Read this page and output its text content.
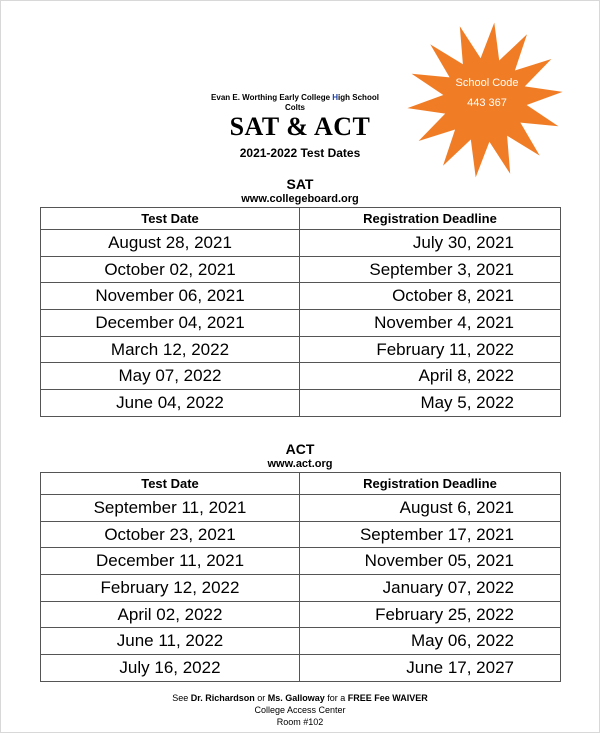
Evan E. Worthing Early College High School
Colts
SAT & ACT
2021-2022 Test Dates
School Code
443 367
SAT
www.collegeboard.org
Test Date	Registration Deadline
August 28, 2021	July 30, 2021
October 02, 2021	September 3, 2021
November 06, 2021	October 8, 2021
December 04, 2021	November 4, 2021
March 12, 2022	February 11, 2022
May 07, 2022	April 8, 2022
June 04, 2022	May 5, 2022
ACT
www.act.org
Test Date	Registration Deadline
September 11, 2021	August 6, 2021
October 23, 2021	September 17, 2021
December 11, 2021	November 05, 2021
February 12, 2022	January 07, 2022
April 02, 2022	February 25, 2022
June 11, 2022	May 06, 2022
July 16, 2022	June 17, 2027
See Dr. Richardson or Ms. Galloway for a FREE Fee WAIVER
College Access Center
Room #102
